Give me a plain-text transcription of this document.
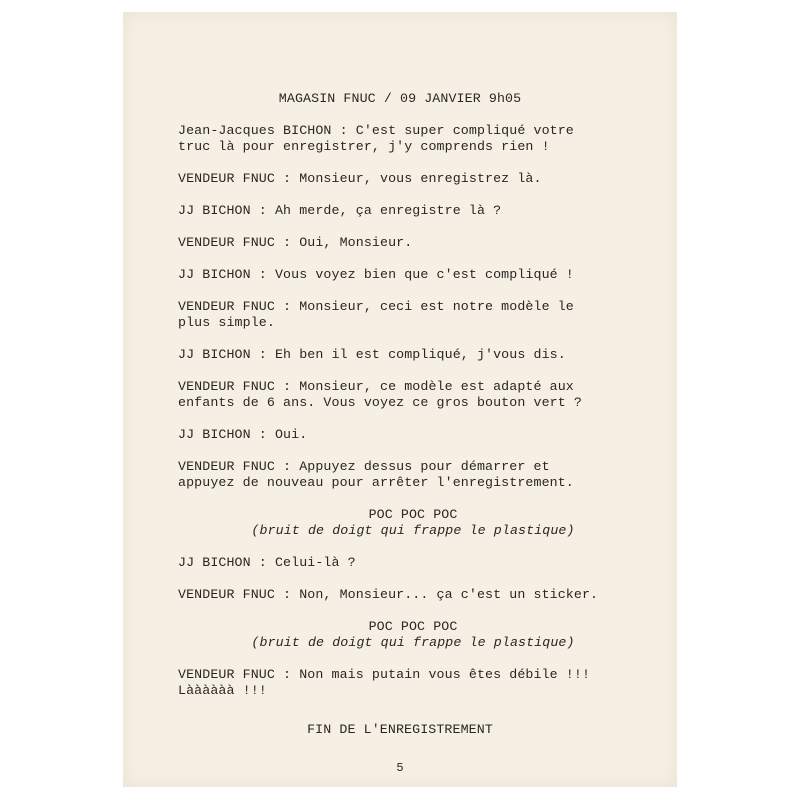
MAGASIN FNUC / 09 JANVIER 9h05
Jean-Jacques BICHON : C'est super compliqué votre
truc là pour enregistrer, j'y comprends rien !
VENDEUR FNUC : Monsieur, vous enregistrez là.
JJ BICHON : Ah merde, ça enregistre là ?
VENDEUR FNUC : Oui, Monsieur.
JJ BICHON : Vous voyez bien que c'est compliqué !
VENDEUR FNUC : Monsieur, ceci est notre modèle le
plus simple.
JJ BICHON : Eh ben il est compliqué, j'vous dis.
VENDEUR FNUC : Monsieur, ce modèle est adapté aux
enfants de 6 ans. Vous voyez ce gros bouton vert ?
JJ BICHON : Oui.
VENDEUR FNUC : Appuyez dessus pour démarrer et
appuyez de nouveau pour arrêter l'enregistrement.
POC POC POC
(bruit de doigt qui frappe le plastique)
JJ BICHON : Celui-là ?
VENDEUR FNUC : Non, Monsieur... ça c'est un sticker.
POC POC POC
(bruit de doigt qui frappe le plastique)
VENDEUR FNUC : Non mais putain vous êtes débile !!!
Làààààà !!!
FIN DE L'ENREGISTREMENT
5
